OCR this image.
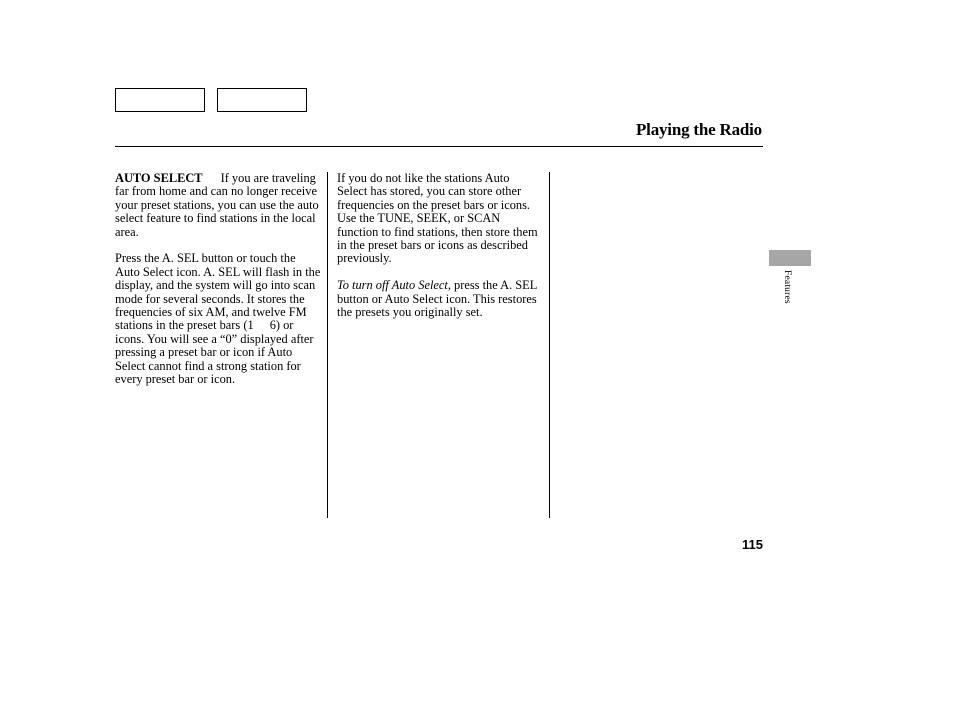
Playing the Radio

AUTO SELECT If you are traveling far from home and can no longer receive your preset stations, you can use the auto select feature to find stations in the local area.

Press the A. SEL button or touch the Auto Select icon. A. SEL will flash in the display, and the system will go into scan mode for several seconds. It stores the frequencies of six AM, and twelve FM stations in the preset bars (1 6) or icons. You will see a “0” displayed after pressing a preset bar or icon if Auto Select cannot find a strong station for every preset bar or icon.

If you do not like the stations Auto Select has stored, you can store other frequencies on the preset bars or icons. Use the TUNE, SEEK, or SCAN function to find stations, then store them in the preset bars or icons as described previously.

To turn off Auto Select, press the A. SEL button or Auto Select icon. This restores the presets you originally set.

Features
115
